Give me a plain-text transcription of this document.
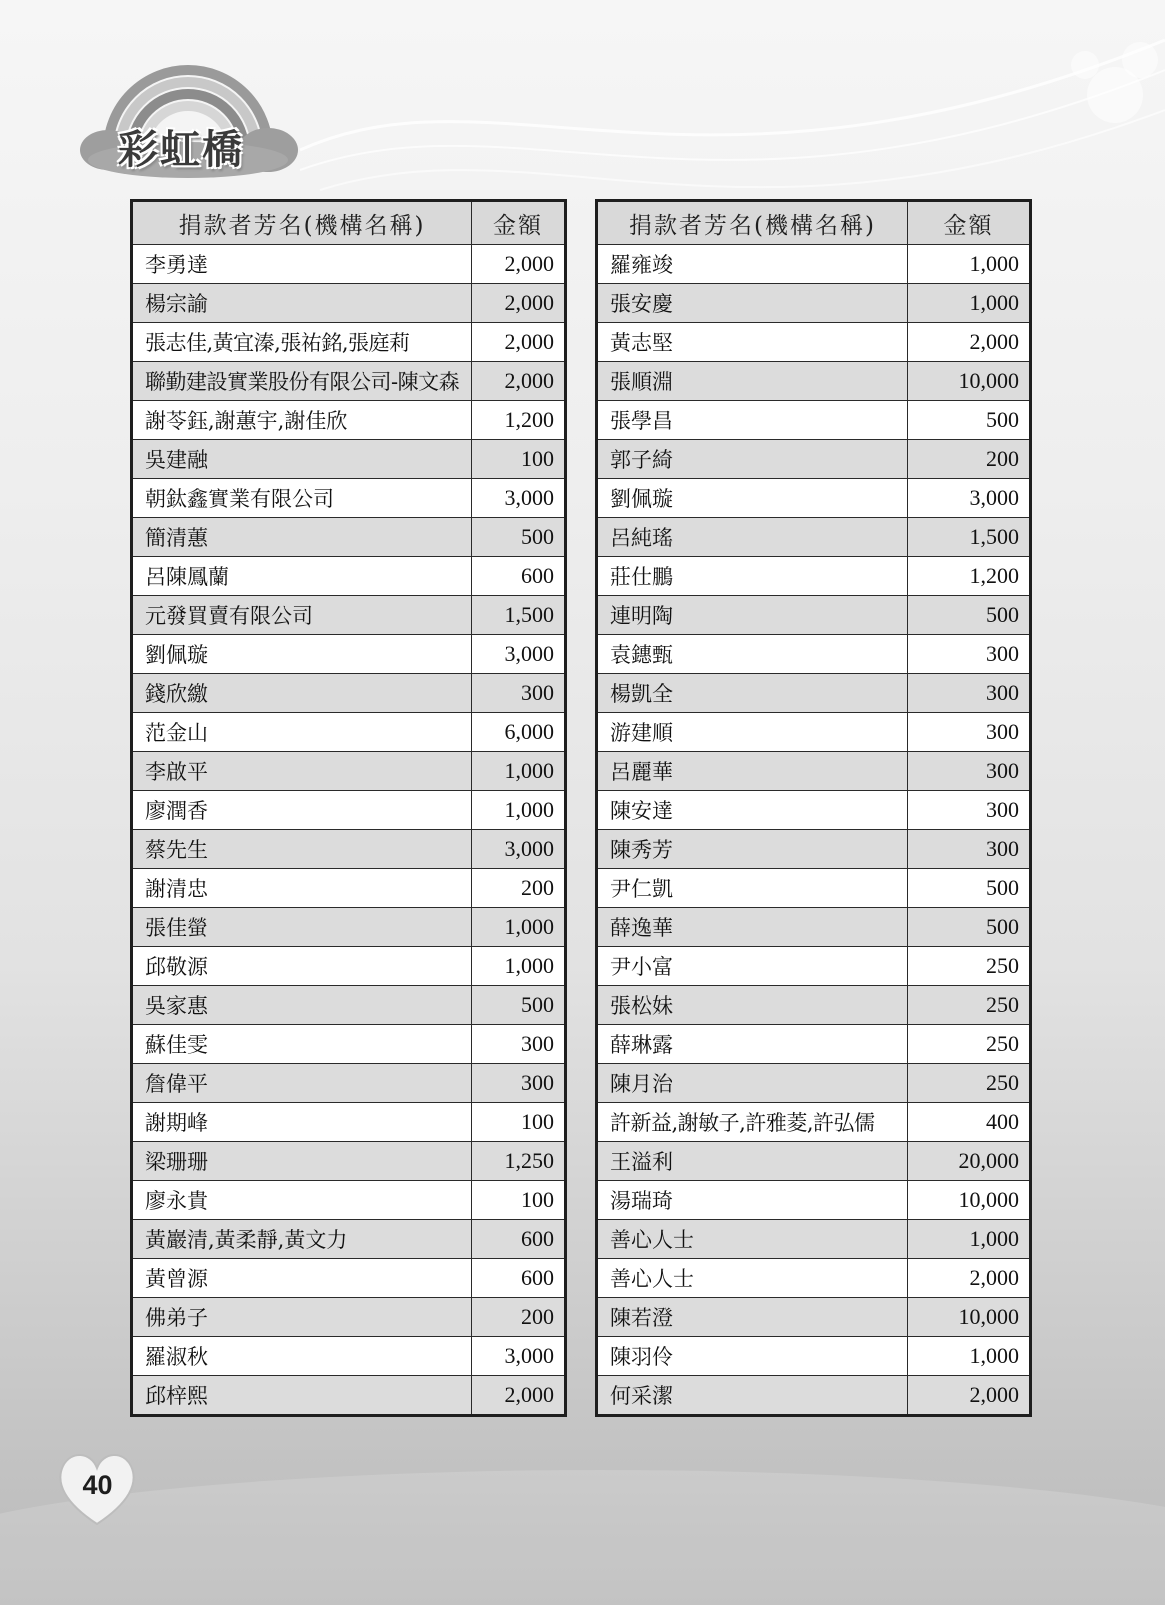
彩虹橋
捐款者芳名(機構名稱)	金額
李勇達	2,000
楊宗諭	2,000
張志佳,黃宜溱,張祐銘,張庭莉	2,000
聯勤建設實業股份有限公司-陳文森	2,000
謝苓鈺,謝蕙宇,謝佳欣	1,200
吳建融	100
朝鈦鑫實業有限公司	3,000
簡清蕙	500
呂陳鳳蘭	600
元發買賣有限公司	1,500
劉佩璇	3,000
錢欣繳	300
范金山	6,000
李啟平	1,000
廖潤香	1,000
蔡先生	3,000
謝清忠	200
張佳螢	1,000
邱敬源	1,000
吳家惠	500
蘇佳雯	300
詹偉平	300
謝期峰	100
梁珊珊	1,250
廖永貴	100
黃巖清,黃柔靜,黃文力	600
黃曾源	600
佛弟子	200
羅淑秋	3,000
邱梓熙	2,000
捐款者芳名(機構名稱)	金額
羅雍竣	1,000
張安慶	1,000
黃志堅	2,000
張順淵	10,000
張學昌	500
郭子綺	200
劉佩璇	3,000
呂純瑤	1,500
莊仕鵬	1,200
連明陶	500
袁鏸甄	300
楊凱全	300
游建順	300
呂麗華	300
陳安達	300
陳秀芳	300
尹仁凱	500
薛逸華	500
尹小富	250
張松妹	250
薛琳露	250
陳月治	250
許新益,謝敏子,許雅菱,許弘儒	400
王溢利	20,000
湯瑞琦	10,000
善心人士	1,000
善心人士	2,000
陳若澄	10,000
陳羽伶	1,000
何采潔	2,000
40
